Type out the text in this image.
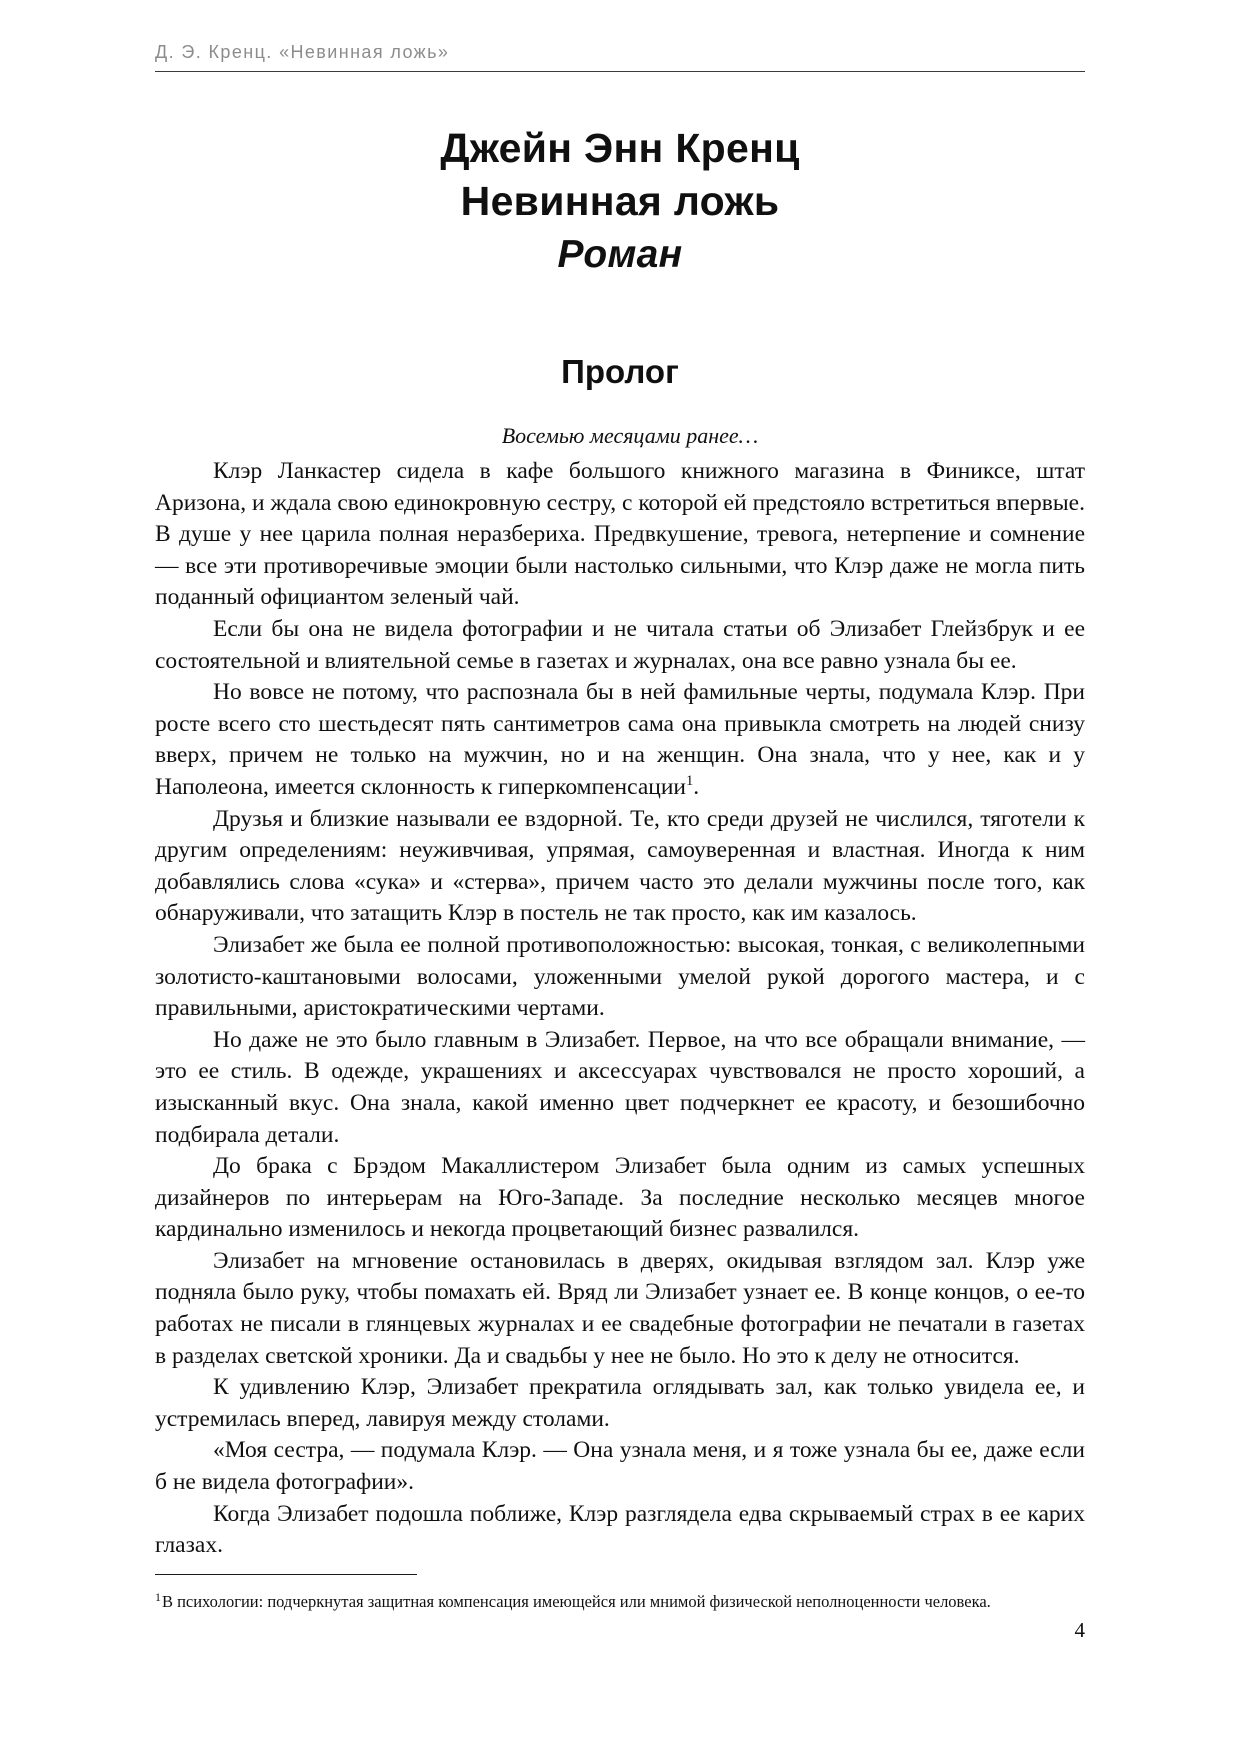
Д. Э. Кренц. «Невинная ложь»
Джейн Энн Кренц
Невинная ложь
Роман
Пролог

Восемью месяцами ранее…

Клэр Ланкастер сидела в кафе большого книжного магазина в Финиксе, штат Аризона, и ждала свою единокровную сестру, с которой ей предстояло встретиться впервые. В душе у нее царила полная неразбериха. Предвкушение, тревога, нетерпение и сомнение — все эти противоречивые эмоции были настолько сильными, что Клэр даже не могла пить поданный официантом зеленый чай.

Если бы она не видела фотографии и не читала статьи об Элизабет Глейзбрук и ее состоятельной и влиятельной семье в газетах и журналах, она все равно узнала бы ее.

Но вовсе не потому, что распознала бы в ней фамильные черты, подумала Клэр. При росте всего сто шестьдесят пять сантиметров сама она привыкла смотреть на людей снизу вверх, причем не только на мужчин, но и на женщин. Она знала, что у нее, как и у Наполеона, имеется склонность к гиперкомпенсации$^1$.

Друзья и близкие называли ее вздорной. Те, кто среди друзей не числился, тяготели к другим определениям: неуживчивая, упрямая, самоуверенная и властная. Иногда к ним добавлялись слова «сука» и «стерва», причем часто это делали мужчины после того, как обнаруживали, что затащить Клэр в постель не так просто, как им казалось.

Элизабет же была ее полной противоположностью: высокая, тонкая, с великолепными золотисто-каштановыми волосами, уложенными умелой рукой дорогого мастера, и с правильными, аристократическими чертами.

Но даже не это было главным в Элизабет. Первое, на что все обращали внимание, — это ее стиль. В одежде, украшениях и аксессуарах чувствовался не просто хороший, а изысканный вкус. Она знала, какой именно цвет подчеркнет ее красоту, и безошибочно подбирала детали.

До брака с Брэдом Макаллистером Элизабет была одним из самых успешных дизайнеров по интерьерам на Юго-Западе. За последние несколько месяцев многое кардинально изменилось и некогда процветающий бизнес развалился.

Элизабет на мгновение остановилась в дверях, окидывая взглядом зал. Клэр уже подняла было руку, чтобы помахать ей. Вряд ли Элизабет узнает ее. В конце концов, о ее-то работах не писали в глянцевых журналах и ее свадебные фотографии не печатали в газетах в разделах светской хроники. Да и свадьбы у нее не было. Но это к делу не относится.

К удивлению Клэр, Элизабет прекратила оглядывать зал, как только увидела ее, и устремилась вперед, лавируя между столами.

«Моя сестра, — подумала Клэр. — Она узнала меня, и я тоже узнала бы ее, даже если б не видела фотографии».

Когда Элизабет подошла поближе, Клэр разглядела едва скрываемый страх в ее карих глазах.

$^1$В психологии: подчеркнутая защитная компенсация имеющейся или мнимой физической неполноценности человека.
4
